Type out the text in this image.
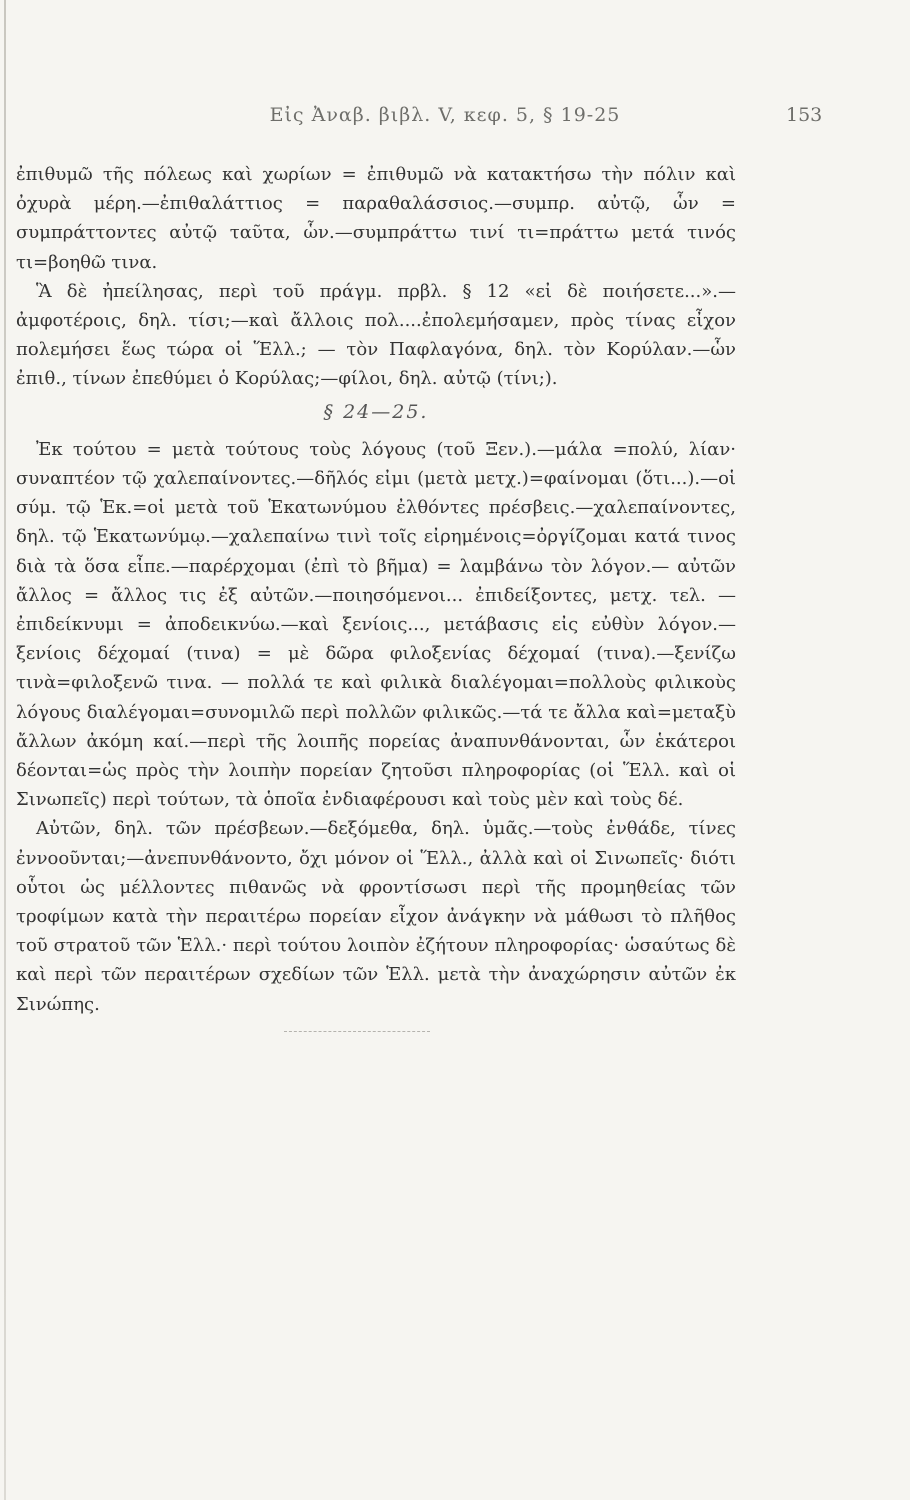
Εἰς Ἀναβ. βιβλ. V, κεφ. 5, § 19-25	153

ἐπιθυμῶ τῆς πόλεως καὶ χωρίων = ἐπιθυμῶ νὰ κατακτήσω τὴν πόλιν καὶ ὀχυρὰ μέρη.—ἐπιθαλάττιος = παραθαλάσσιος.—συμπρ. αὐτῷ, ὧν = συμπράττοντες αὐτῷ ταῦτα, ὧν.—συμπράττω τινί τι=πράττω μετά τινός τι=βοηθῶ τινα.

Ἃ δὲ ἠπείλησας, περὶ τοῦ πράγμ. πρβλ. § 12 «εἰ δὲ ποιήσετε...».—ἀμφοτέροις, δηλ. τίσι;—καὶ ἄλλοις πολ....ἐπολεμήσαμεν, πρὸς τίνας εἶχον πολεμήσει ἕως τώρα οἱ Ἕλλ.; — τὸν Παφλαγόνα, δηλ. τὸν Κορύλαν.—ὧν ἐπιθ., τίνων ἐπεθύμει ὁ Κορύλας;—φίλοι, δηλ. αὐτῷ (τίνι;).

§ 24—25.

Ἐκ τούτου = μετὰ τούτους τοὺς λόγους (τοῦ Ξεν.).—μάλα =πολύ, λίαν· συναπτέον τῷ χαλεπαίνοντες.—δῆλός εἰμι (μετὰ μετχ.)=φαίνομαι (ὅτι...).—οἱ σύμ. τῷ Ἑκ.=οἱ μετὰ τοῦ Ἑκατωνύμου ἐλθόντες πρέσβεις.—χαλεπαίνοντες, δηλ. τῷ Ἑκατωνύμῳ.—χαλεπαίνω τινὶ τοῖς εἰρημένοις=ὀργίζομαι κατά τινος διὰ τὰ ὅσα εἶπε.—παρέρχομαι (ἐπὶ τὸ βῆμα) = λαμβάνω τὸν λόγον.— αὐτῶν ἄλλος = ἄλλος τις ἐξ αὐτῶν.—ποιησόμενοι... ἐπιδείξοντες, μετχ. τελ. — ἐπιδείκνυμι = ἀποδεικνύω.—καὶ ξενίοις..., μετάβασις εἰς εὐθὺν λόγον.—ξενίοις δέχομαί (τινα) = μὲ δῶρα φιλοξενίας δέχομαί (τινα).—ξενίζω τινὰ=φιλοξενῶ τινα. — πολλά τε καὶ φιλικὰ διαλέγομαι=πολλοὺς φιλικοὺς λόγους διαλέγομαι=συνομιλῶ περὶ πολλῶν φιλικῶς.—τά τε ἄλλα καὶ=μεταξὺ ἄλλων ἀκόμη καί.—περὶ τῆς λοιπῆς πορείας ἀναπυνθάνονται, ὧν ἑκάτεροι δέονται=ὡς πρὸς τὴν λοιπὴν πορείαν ζητοῦσι πληροφορίας (οἱ Ἕλλ. καὶ οἱ Σινωπεῖς) περὶ τούτων, τὰ ὁποῖα ἐνδιαφέρουσι καὶ τοὺς μὲν καὶ τοὺς δέ.

Αὐτῶν, δηλ. τῶν πρέσβεων.—δεξόμεθα, δηλ. ὑμᾶς.—τοὺς ἐνθάδε, τίνες ἐννοοῦνται;—ἀνεπυνθάνοντο, ὄχι μόνον οἱ Ἕλλ., ἀλλὰ καὶ οἱ Σινωπεῖς· διότι οὗτοι ὡς μέλλοντες πιθανῶς νὰ φροντίσωσι περὶ τῆς προμηθείας τῶν τροφίμων κατὰ τὴν περαιτέρω πορείαν εἶχον ἀνάγκην νὰ μάθωσι τὸ πλῆθος τοῦ στρατοῦ τῶν Ἑλλ.· περὶ τούτου λοιπὸν ἐζήτουν πληροφορίας· ὡσαύτως δὲ καὶ περὶ τῶν περαιτέρων σχεδίων τῶν Ἑλλ. μετὰ τὴν ἀναχώρησιν αὐτῶν ἐκ Σινώπης.
